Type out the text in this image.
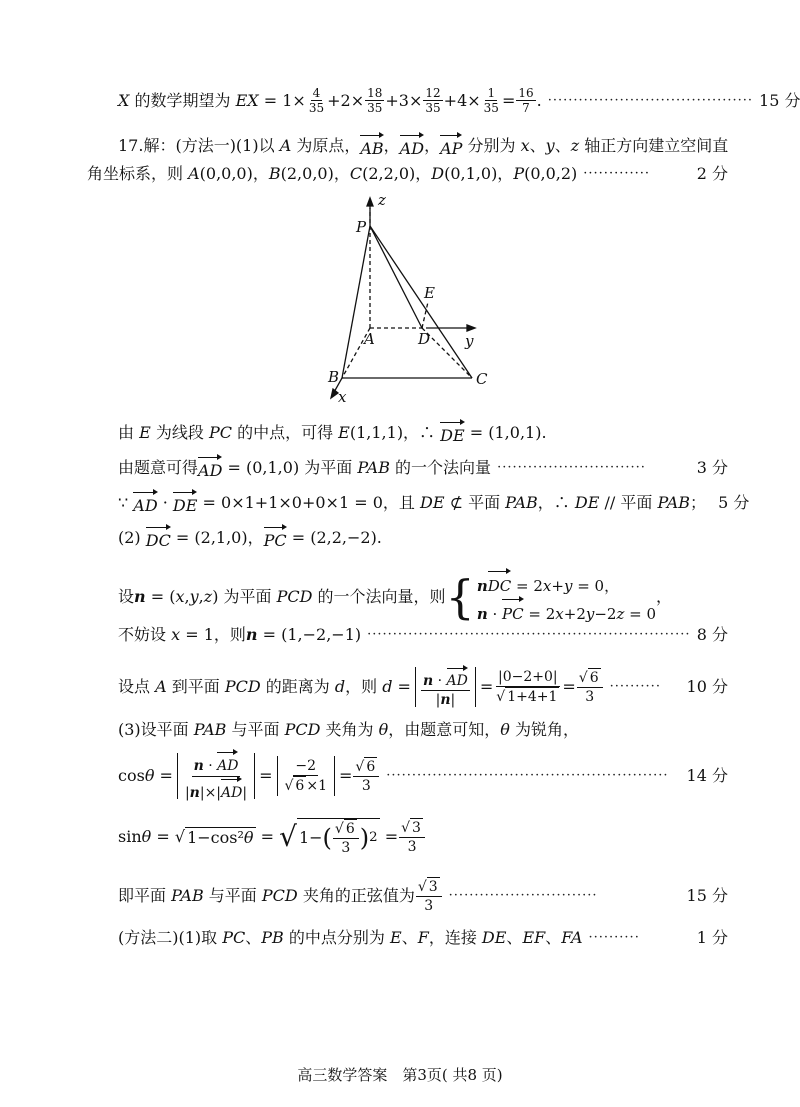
X 的数学期望为 EX = $1\times \frac{4}{35} +2\times \frac{18}{35} +3\times \frac{12}{35} +4\times \frac{1}{35} = \frac{16}{7}$ . ········································ 15 分
17.解：(方法一)(1)以 A 为原点， AB ， AD ， AP 分别为 x 、 y 、 z 轴正方向建立空间直
角坐标系，则 A(0,0,0)，B(2,0,0)，C(2,2,0)，D(0,1,0)，P(0,0,2) ·············	2 分
z
P
E
A	D y
B	C
x
由 E 为线段 PC 的中点，可得 E (1,1,1)，∴ DE = (1,0,1).
由题意可得 AD = (0,1,0) 为平面 PAB 的一个法向量 ·····························	3 分
∵ AD · DE = 0×1+1×0+0×1 = 0，且 DE ⊄ 平面 PAB ，∴ DE // 平面 PAB ； 5 分
(2) DC = (2,1,0)， PC = (2,2,−2).
设 n = ( x , y , z ) 为平面 PCD 的一个法向量，则 { nDC = 2x+y = 0，
n · PC = 2x+2y−2z = 0
，
不妨设 x = 1，则 n = (1,−2,−1) ······························································· 8 分
设点 A 到平面 PCD 的距离为 d ，则 $d = \frac{n \cdot AD}{|n|} = \frac{|0-2+0|}{√ 1+4+1} = \frac{√ 6}{3}$ ··········	10 分
(3)设平面 PAB 与平面 PCD 夹角为 θ ，由题意可知， θ 为锐角，
$\cos \theta = \frac{n \cdot AD}{|n|\times|AD|} = \frac{-2}{√ 6 \times 1} = \frac{√ 6}{3}$ ·······················································	14 分
sin θ = √ 1−cos²θ = √ 1− ( $\frac{√ 6}{3}$ ) $2 = \frac{√ 3}{3}$
即平面 PAB 与平面 PCD 夹角的正弦值为 $\frac{√ 3}{3}$ ·····························	15 分
(方法二)(1)取 PC 、 PB 的中点分别为 E 、 F ，连接 DE 、 EF 、 FA ··········	1 分
高三数学答案　第3页( 共8 页)
